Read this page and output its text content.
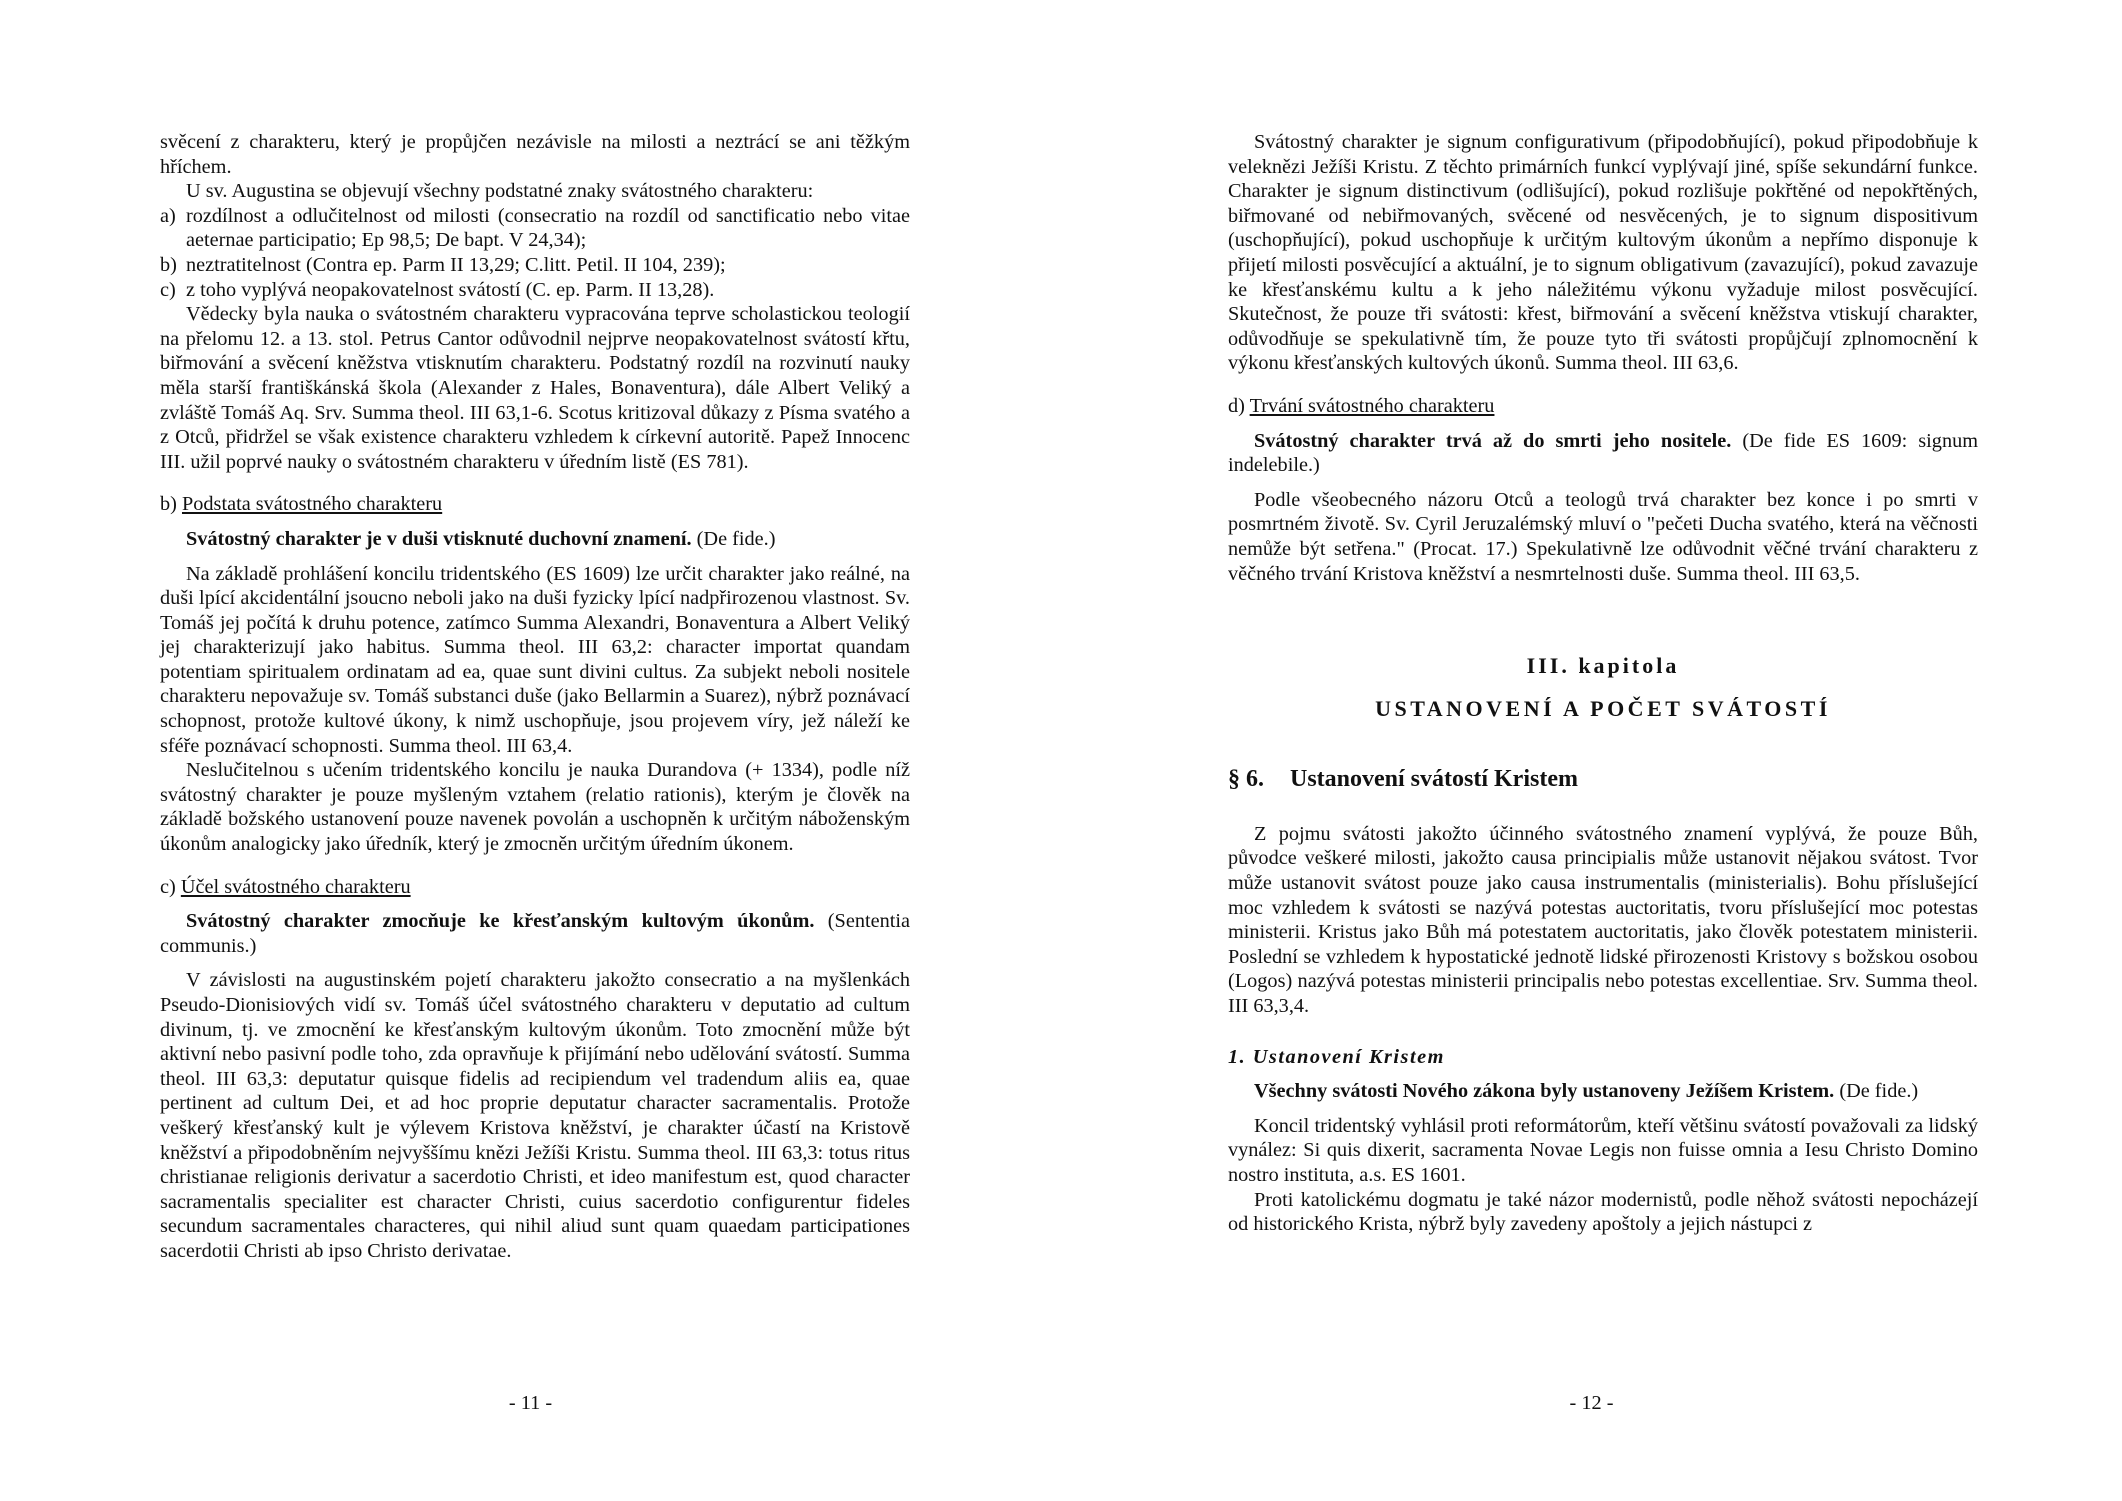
svěcení z charakteru, který je propůjčen nezávisle na milosti a neztrácí se ani těžkým hříchem.

U sv. Augustina se objevují všechny podstatné znaky svátostného charakteru:

a) rozdílnost a odlučitelnost od milosti (consecratio na rozdíl od sanctificatio nebo vitae aeternae participatio; Ep 98,5; De bapt. V 24,34);
b) neztratitelnost (Contra ep. Parm II 13,29; C.litt. Petil. II 104, 239);
c) z toho vyplývá neopakovatelnost svátostí (C. ep. Parm. II 13,28).

Vědecky byla nauka o svátostném charakteru vypracována teprve scholastickou teologií na přelomu 12. a 13. stol. Petrus Cantor odůvodnil nejprve neopakovatelnost svátostí křtu, biřmování a svěcení kněžstva vtisknutím charakteru. Podstatný rozdíl na rozvinutí nauky měla starší františkánská škola (Alexander z Hales, Bonaventura), dále Albert Veliký a zvláště Tomáš Aq. Srv. Summa theol. III 63,1-6. Scotus kritizoval důkazy z Písma svatého a z Otců, přidržel se však existence charakteru vzhledem k církevní autoritě. Papež Innocenc III. užil poprvé nauky o svátostném charakteru v úředním listě (ES 781).

b) Podstata svátostného charakteru

Svátostný charakter je v duši vtisknuté duchovní znamení. (De fide.)

Na základě prohlášení koncilu tridentského (ES 1609) lze určit charakter jako reálné, na duši lpící akcidentální jsoucno neboli jako na duši fyzicky lpící nadpřirozenou vlastnost. Sv. Tomáš jej počítá k druhu potence, zatímco Summa Alexandri, Bonaventura a Albert Veliký jej charakterizují jako habitus. Summa theol. III 63,2: character importat quandam potentiam spiritualem ordinatam ad ea, quae sunt divini cultus. Za subjekt neboli nositele charakteru nepovažuje sv. Tomáš substanci duše (jako Bellarmin a Suarez), nýbrž poznávací schopnost, protože kultové úkony, k nimž uschopňuje, jsou projevem víry, jež náleží ke sféře poznávací schopnosti. Summa theol. III 63,4.

Neslučitelnou s učením tridentského koncilu je nauka Durandova (+ 1334), podle níž svátostný charakter je pouze myšleným vztahem (relatio rationis), kterým je člověk na základě božského ustanovení pouze navenek povolán a uschopněn k určitým náboženským úkonům analogicky jako úředník, který je zmocněn určitým úředním úkonem.

c) Účel svátostného charakteru

Svátostný charakter zmocňuje ke křesťanským kultovým úkonům. (Sententia communis.)

V závislosti na augustinském pojetí charakteru jakožto consecratio a na myšlenkách Pseudo-Dionisiových vidí sv. Tomáš účel svátostného charakteru v deputatio ad cultum divinum, tj. ve zmocnění ke křesťanským kultovým úkonům. Toto zmocnění může být aktivní nebo pasivní podle toho, zda opravňuje k přijímání nebo udělování svátostí. Summa theol. III 63,3: deputatur quisque fidelis ad recipiendum vel tradendum aliis ea, quae pertinent ad cultum Dei, et ad hoc proprie deputatur character sacramentalis. Protože veškerý křesťanský kult je výlevem Kristova kněžství, je charakter účastí na Kristově kněžství a připodobněním nejvyššímu knězi Ježíši Kristu. Summa theol. III 63,3: totus ritus christianae religionis derivatur a sacerdotio Christi, et ideo manifestum est, quod character sacramentalis specialiter est character Christi, cuius sacerdotio configurentur fideles secundum sacramentales characteres, qui nihil aliud sunt quam quaedam participationes sacerdotii Christi ab ipso Christo derivatae.

- 11 -

Svátostný charakter je signum configurativum (připodobňující), pokud připodobňuje k veleknězi Ježíši Kristu. Z těchto primárních funkcí vyplývají jiné, spíše sekundární funkce. Charakter je signum distinctivum (odlišující), pokud rozlišuje pokřtěné od nepokřtěných, biřmované od nebiřmovaných, svěcené od nesvěcených, je to signum dispositivum (uschopňující), pokud uschopňuje k určitým kultovým úkonům a nepřímo disponuje k přijetí milosti posvěcující a aktuální, je to signum obligativum (zavazující), pokud zavazuje ke křesťanskému kultu a k jeho náležitému výkonu vyžaduje milost posvěcující. Skutečnost, že pouze tři svátosti: křest, biřmování a svěcení kněžstva vtiskují charakter, odůvodňuje se spekulativně tím, že pouze tyto tři svátosti propůjčují zplnomocnění k výkonu křesťanských kultových úkonů. Summa theol. III 63,6.

d) Trvání svátostného charakteru

Svátostný charakter trvá až do smrti jeho nositele. (De fide ES 1609: signum indelebile.)

Podle všeobecného názoru Otců a teologů trvá charakter bez konce i po smrti v posmrtném životě. Sv. Cyril Jeruzalémský mluví o "pečeti Ducha svatého, která na věčnosti nemůže být setřena." (Procat. 17.) Spekulativně lze odůvodnit věčné trvání charakteru z věčného trvání Kristova kněžství a nesmrtelnosti duše. Summa theol. III 63,5.

III. kapitola
USTANOVENÍ A POČET SVÁTOSTÍ
§ 6. Ustanovení svátostí Kristem

Z pojmu svátosti jakožto účinného svátostného znamení vyplývá, že pouze Bůh, původce veškeré milosti, jakožto causa principialis může ustanovit nějakou svátost. Tvor může ustanovit svátost pouze jako causa instrumentalis (ministerialis). Bohu příslušející moc vzhledem k svátosti se nazývá potestas auctoritatis, tvoru příslušející moc potestas ministerii. Kristus jako Bůh má potestatem auctoritatis, jako člověk potestatem ministerii. Poslední se vzhledem k hypostatické jednotě lidské přirozenosti Kristovy s božskou osobou (Logos) nazývá potestas ministerii principalis nebo potestas excellentiae. Srv. Summa theol. III 63,3,4.

1. Ustanovení Kristem

Všechny svátosti Nového zákona byly ustanoveny Ježíšem Kristem. (De fide.)

Koncil tridentský vyhlásil proti reformátorům, kteří většinu svátostí považovali za lidský vynález: Si quis dixerit, sacramenta Novae Legis non fuisse omnia a Iesu Christo Domino nostro instituta, a.s. ES 1601.

Proti katolickému dogmatu je také názor modernistů, podle něhož svátosti nepocházejí od historického Krista, nýbrž byly zavedeny apoštoly a jejich nástupci z

- 12 -
